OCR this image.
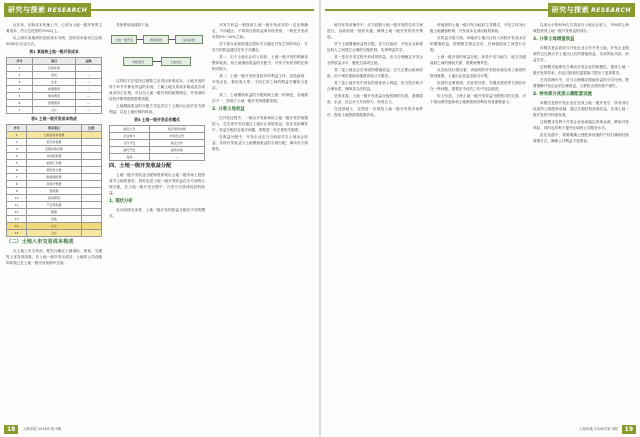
研究与探索 RESEARCH

达年来，征收成本快速上升，已成为土地一级开发的主要成本，约占总投资的70%以上。

以上海市某地块的征收成本为例，征收成本基本已达到5000万元/亩左右。

表1 某地块土地一级开发成本
序号	项目	金额
1	征收补偿	—
2	居民	—
3	企业	—
4	前期费用	—
5	财务费用	—
6	管理费用	—
7	合计	—
表2 土地一级开发成本构成
序号	费用项目	比例
1	土地征收补偿费	
2	拆迁补偿费	
3	安置房建设费	
4	市政配套费	
5	前期工作费	
6	规划设计费	
7	勘察测绘费	
8	场地平整费	
9	管理费	
10	财务费用	
11	不可预见费	
12	税费	
13	其他	
14	小计	
15	合计	
（二）土地入市交易成本构成

在土地上市交易前，要先行确定土地指标、规划、交通等上述各项因素，在土地一级开发完成后，土地的公共设施和环境已在土地一级开发前期中完成。

具体费用组成如下表。

土地一级开发	规划审批	征收补偿
市政建设	土地出让

这样的方法是经过测算之后得出来的成本，土地开发的每个环节中都有效益的实现，了解土地交易成本构成及各项成本所占比例，可以为土地一级开发的政策制定、开发商的经营决策等提供重要依据。

土地增值收益的分配方式也决定了土地出让前后各方面利益，以及土地价格的形成。

表3 土地一级开发运作模式
政府主导	政府组织实施
企业参与	市场化运作
合作开发	政企合作
委托开发	委托实施
其他	—
四、土地一级开发收益分配

土地一级开发收益分配制度体现出土地二级市场上投资者对土地的需求，同时也是土地一级开发收益在各方间的合理分配，在土地一级开发过程中，开发方可获得较好的收益。

1. 现状分析

从目前情况来看，土地一级开发的收益分配有不同的模式。

开发方收益一般按照土地一级开发成本的一定比例确定，不同地区、不同项目的收益率有所差别，一般在开发成本的5%~10%之间。

对于部分由政府通过招标方式确定开发主体的项目，开发方的收益通过竞争方式确定。

其一，由于土地出让收入较高，土地一级开发的利润率整体较高，但土地增值收益的分配中，开发方所获得的比例相对较少。

其二，土地一级开发涉及较多的利益主体，包括政府、开发企业、被征收人等，不同主体之间的利益平衡较为复杂。

其三，土地增值收益的分配尚缺乏统一的规范，各地做法不一，影响了土地一级开发的健康发展。

2. 分享土地收益

在开发过程中，一般由开发商承担土地一级开发的前期投入，在完成开发后通过土地出让获取收益。但在实际操作中，收益分配存在诸多问题，需要进一步完善相关制度。

在收益分配中，开发企业应当与政府共享土地出让收益，实现开发收益与土地增值收益的合理分配，调动各方积极性。

18	上海房地 2018年第 9期
研究与探索 RESEARCH

地开发具体操作中，应当按照土地一级开发的总体方案进行，由政府统一组织实施，确保土地一级开发的有序推进。

对于土地增值收益的分配，应当在政府、开发企业和被征收人之间建立合理的分配机制，实现利益共享。

其一是在开发过程中形成的收益，应当合理确定开发企业的收益水平，避免过高或过低。

其二是土地出让后形成的增值收益，应当主要由政府收取，用于城市基础设施建设和公共服务。

其三是土地开发中涉及的被征收人利益，应当依法给予合理补偿，保障其合法权益。

总的来看，土地一级开发收益分配机制的完善，需要政府、企业、社会多方共同努力，形成合力。

在此基础上，还需进一步规范土地一级开发的市场秩序，提高土地资源的配置效率。

该地块的土地一级开发为政府主导模式，开发主体为区级土地储备机构，开发成本全部由政府承担。

在收益分配方面，该地块土地出让收入扣除开发成本后的增值收益，按照相关规定在市、区两级政府之间进行分配。

土地一级开发的收益分配，涉及中央与地方、地方各级政府之间的财政关系，需要统筹考虑。

从实际执行情况看，该地块的开发较好地实现了政府的规划意图，土地出让收益也较为可观。

但同时也要看到，在征收补偿、安置房建设等方面仍存在一些问题，需要在今后的工作中加以改进。

综上所述，上海土地一级开发收益分配模式的完善，对于推动城市更新和土地资源高效利用具有重要意义。

以成大小的50%左右的部分土地出让收入，70%的上海城投获得土地一级开发收益的部分。

3. 分享土地增值收益

该模式是由政府与开发企业合作开发土地，开发企业按照约定比例分享土地出让后的增值收益，实现风险共担、收益共享。

这种模式能够充分调动开发企业的积极性，提高土地一级开发的效率，但也对政府的监管能力提出了更高要求。

在具体操作中，应当合理确定增值收益的分享比例，既要保障开发企业的合理收益，又要防止国有资产流失。

4. 持有部分优质公建配套设施

该模式是指开发企业在完成土地一级开发后，持有部分优质的公建配套设施，通过长期经营获取收益，实现土地一级开发的可持续发展。

这种模式有利于开发企业形成稳定的现金流，降低开发风险，同时也有利于提升区域的公共服务水平。

但在实践中，需要明确公建配套设施的产权归属和经营管理方式，确保公共利益不受损害。

上海房地 2018年第 9期	19
